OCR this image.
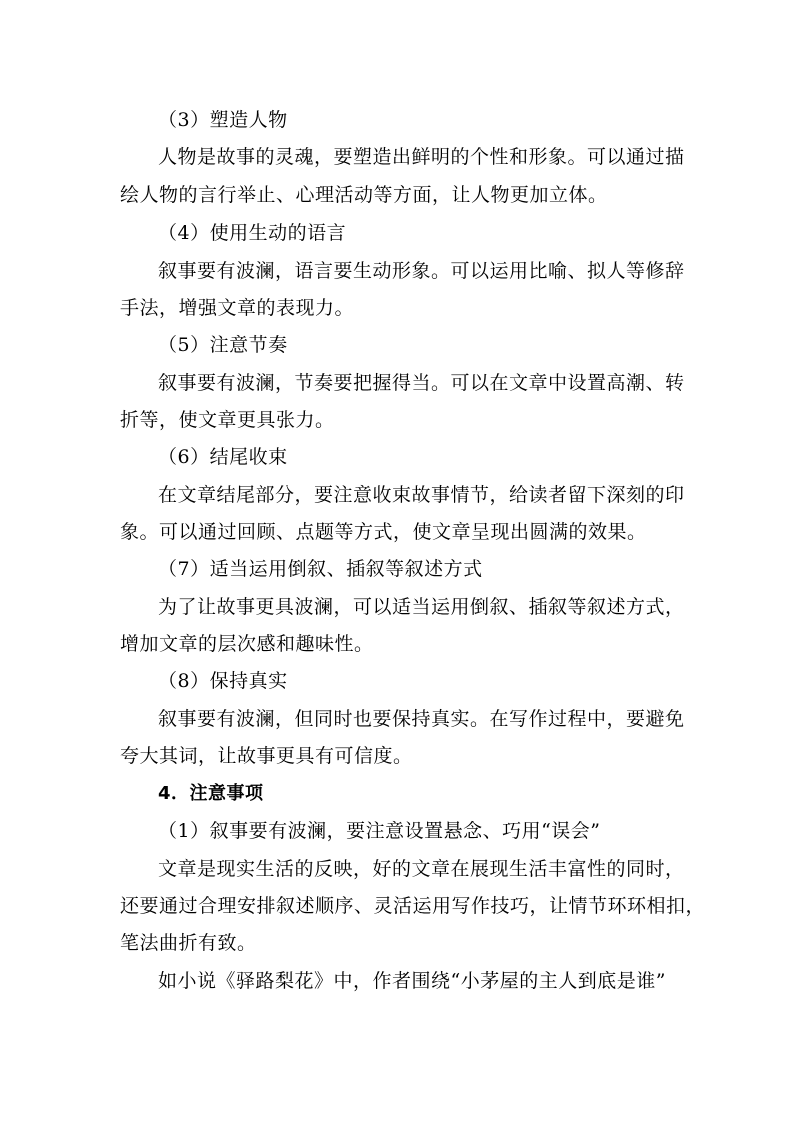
（3）塑造人物
人物是故事的灵魂，要塑造出鲜明的个性和形象。可以通过描
绘人物的言行举止、心理活动等方面，让人物更加立体。
（4）使用生动的语言
叙事要有波澜，语言要生动形象。可以运用比喻、拟人等修辞
手法，增强文章的表现力。
（5）注意节奏
叙事要有波澜，节奏要把握得当。可以在文章中设置高潮、转
折等，使文章更具张力。
（6）结尾收束
在文章结尾部分，要注意收束故事情节，给读者留下深刻的印
象。可以通过回顾、点题等方式，使文章呈现出圆满的效果。
（7）适当运用倒叙、插叙等叙述方式
为了让故事更具波澜，可以适当运用倒叙、插叙等叙述方式，
增加文章的层次感和趣味性。
（8）保持真实
叙事要有波澜，但同时也要保持真实。在写作过程中，要避免
夸大其词，让故事更具有可信度。
4．注意事项
（1）叙事要有波澜，要注意设置悬念、巧用“误会”
文章是现实生活的反映，好的文章在展现生活丰富性的同时，
还要通过合理安排叙述顺序、灵活运用写作技巧，让情节环环相扣，
笔法曲折有致。
如小说《驿路梨花》中，作者围绕“小茅屋的主人到底是谁”
